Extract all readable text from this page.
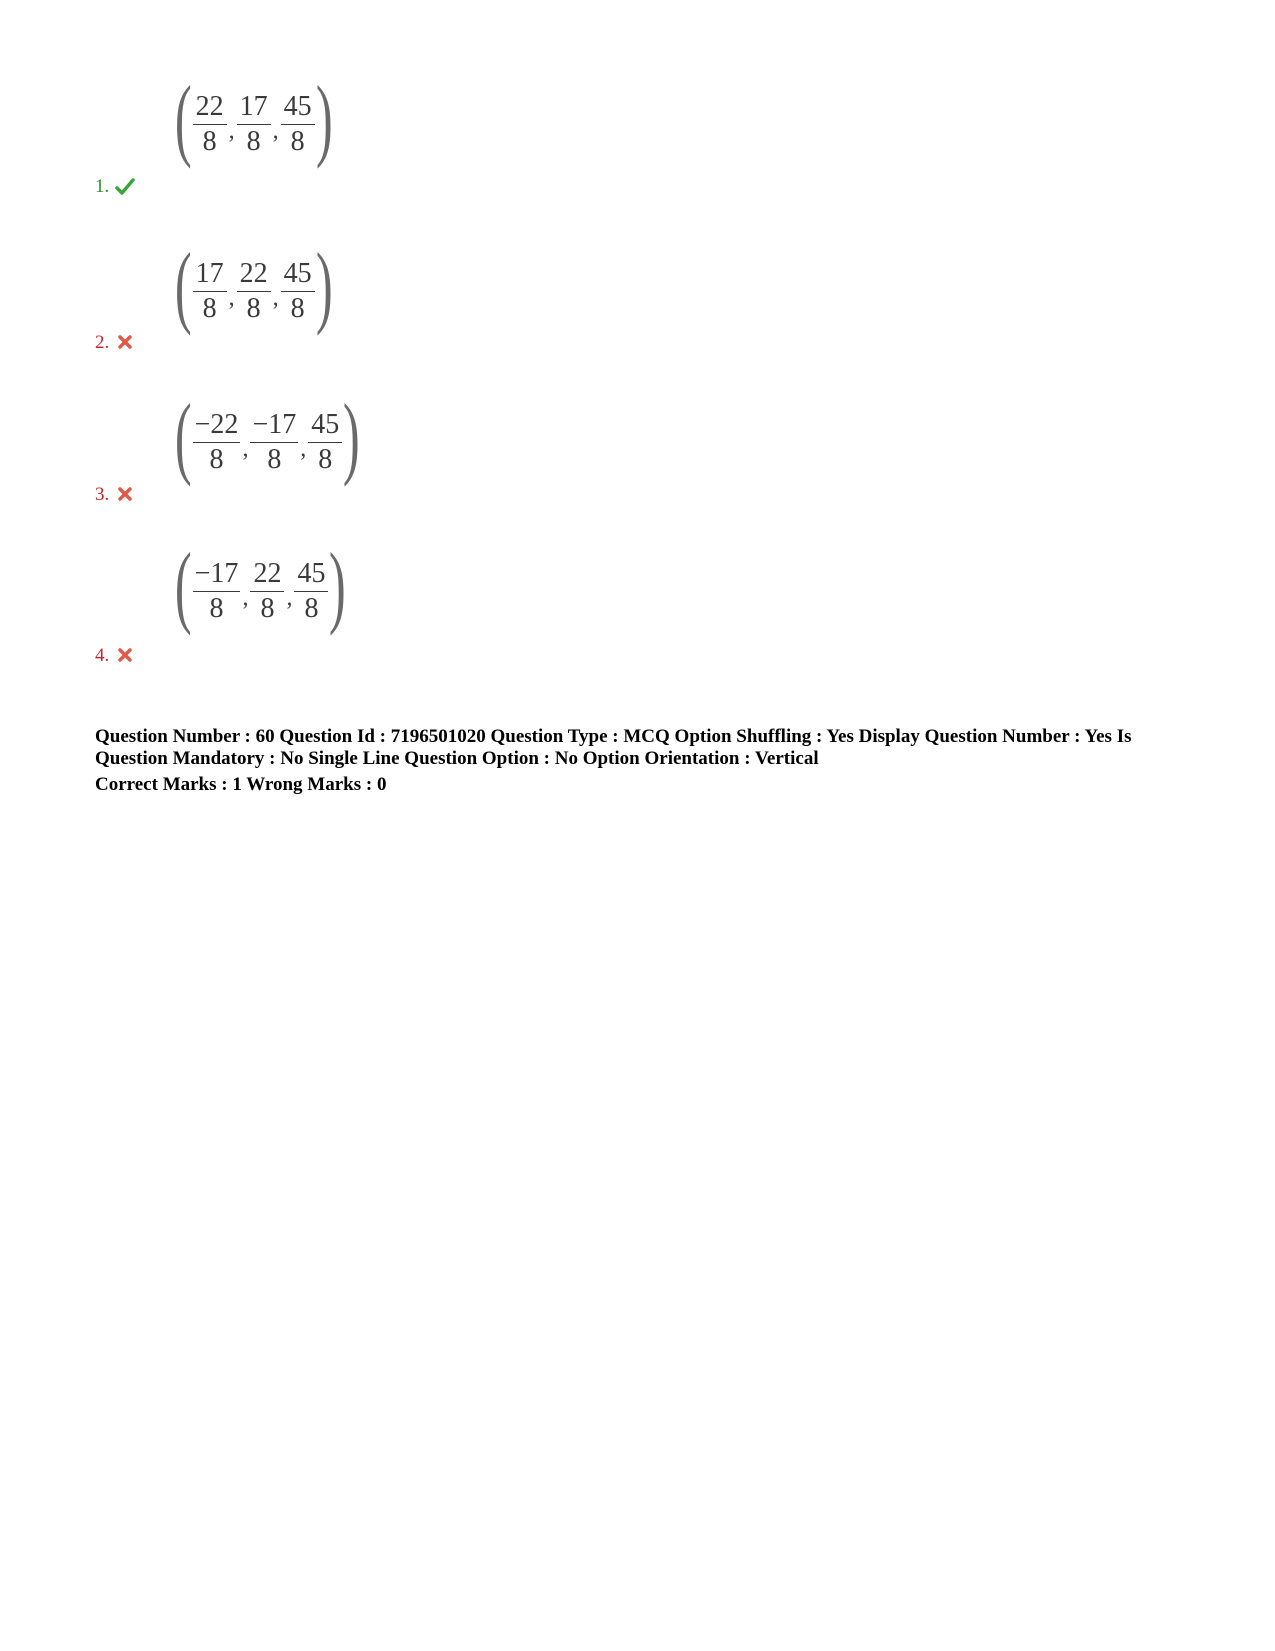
( $\frac{22}{8}$ , $\frac{17}{8}$ , $\frac{45}{8}$ )
1.
( $\frac{17}{8}$ , $\frac{22}{8}$ , $\frac{45}{8}$ )
2.
( $\frac{-22}{8}$ , $\frac{-17}{8}$ , $\frac{45}{8}$ )
3.
( $\frac{-17}{8}$ , $\frac{22}{8}$ , $\frac{45}{8}$ )
4.
Question Number : 60 Question Id : 7196501020 Question Type : MCQ Option Shuffling : Yes Display Question Number : Yes Is Question Mandatory : No Single Line Question Option : No Option Orientation : Vertical
Correct Marks : 1 Wrong Marks : 0
